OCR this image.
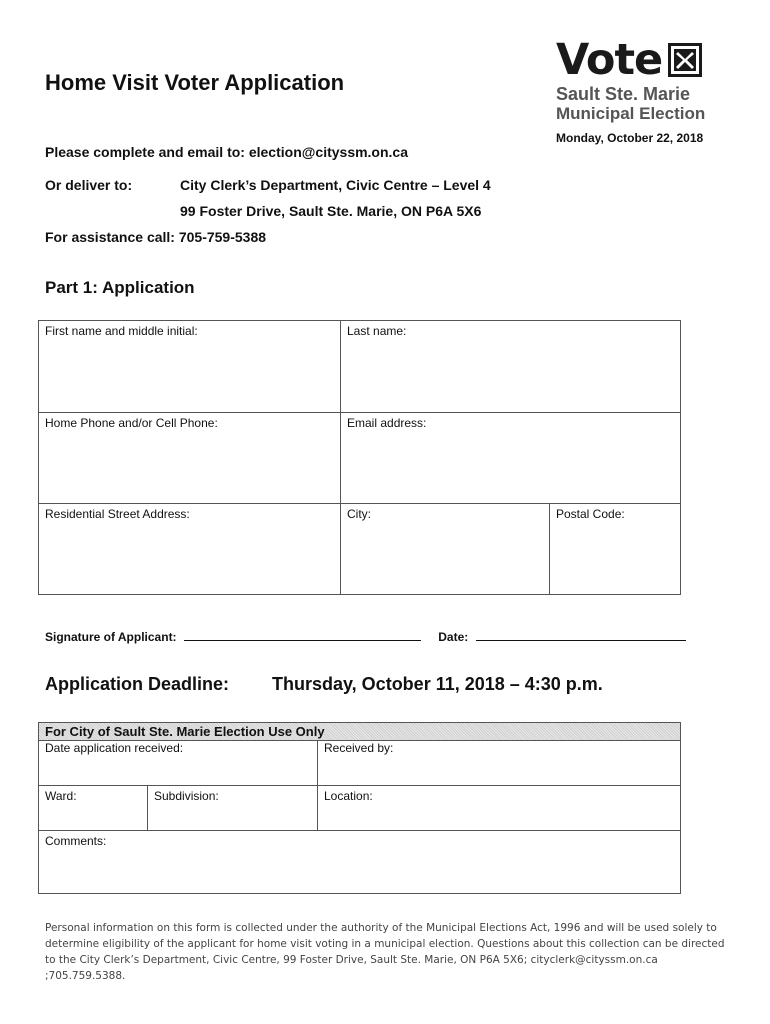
Home Visit Voter Application	Vote
Sault Ste. Marie
Municipal Election
Monday, October 22, 2018
Please complete and email to: election@cityssm.on.ca
Or deliver to:	City Clerk’s Department, Civic Centre – Level 4
99 Foster Drive, Sault Ste. Marie, ON P6A 5X6
For assistance call: 705-759-5388
Part 1: Application
First name and middle initial:	Last name:
Home Phone and/or Cell Phone:	Email address:
Residential Street Address:	City:	Postal Code:
Signature of Applicant:	Date:
Application Deadline: Thursday, October 11, 2018 – 4:30 p.m.
For City of Sault Ste. Marie Election Use Only
Date application received:	Received by:
Ward:	Subdivision:	Location:
Comments:
Personal information on this form is collected under the authority of the Municipal Elections Act, 1996 and will be used solely to determine eligibility of the applicant for home visit voting in a municipal election. Questions about this collection can be directed to the City Clerk’s Department, Civic Centre, 99 Foster Drive, Sault Ste. Marie, ON P6A 5X6; cityclerk@cityssm.on.ca ;705.759.5388.
